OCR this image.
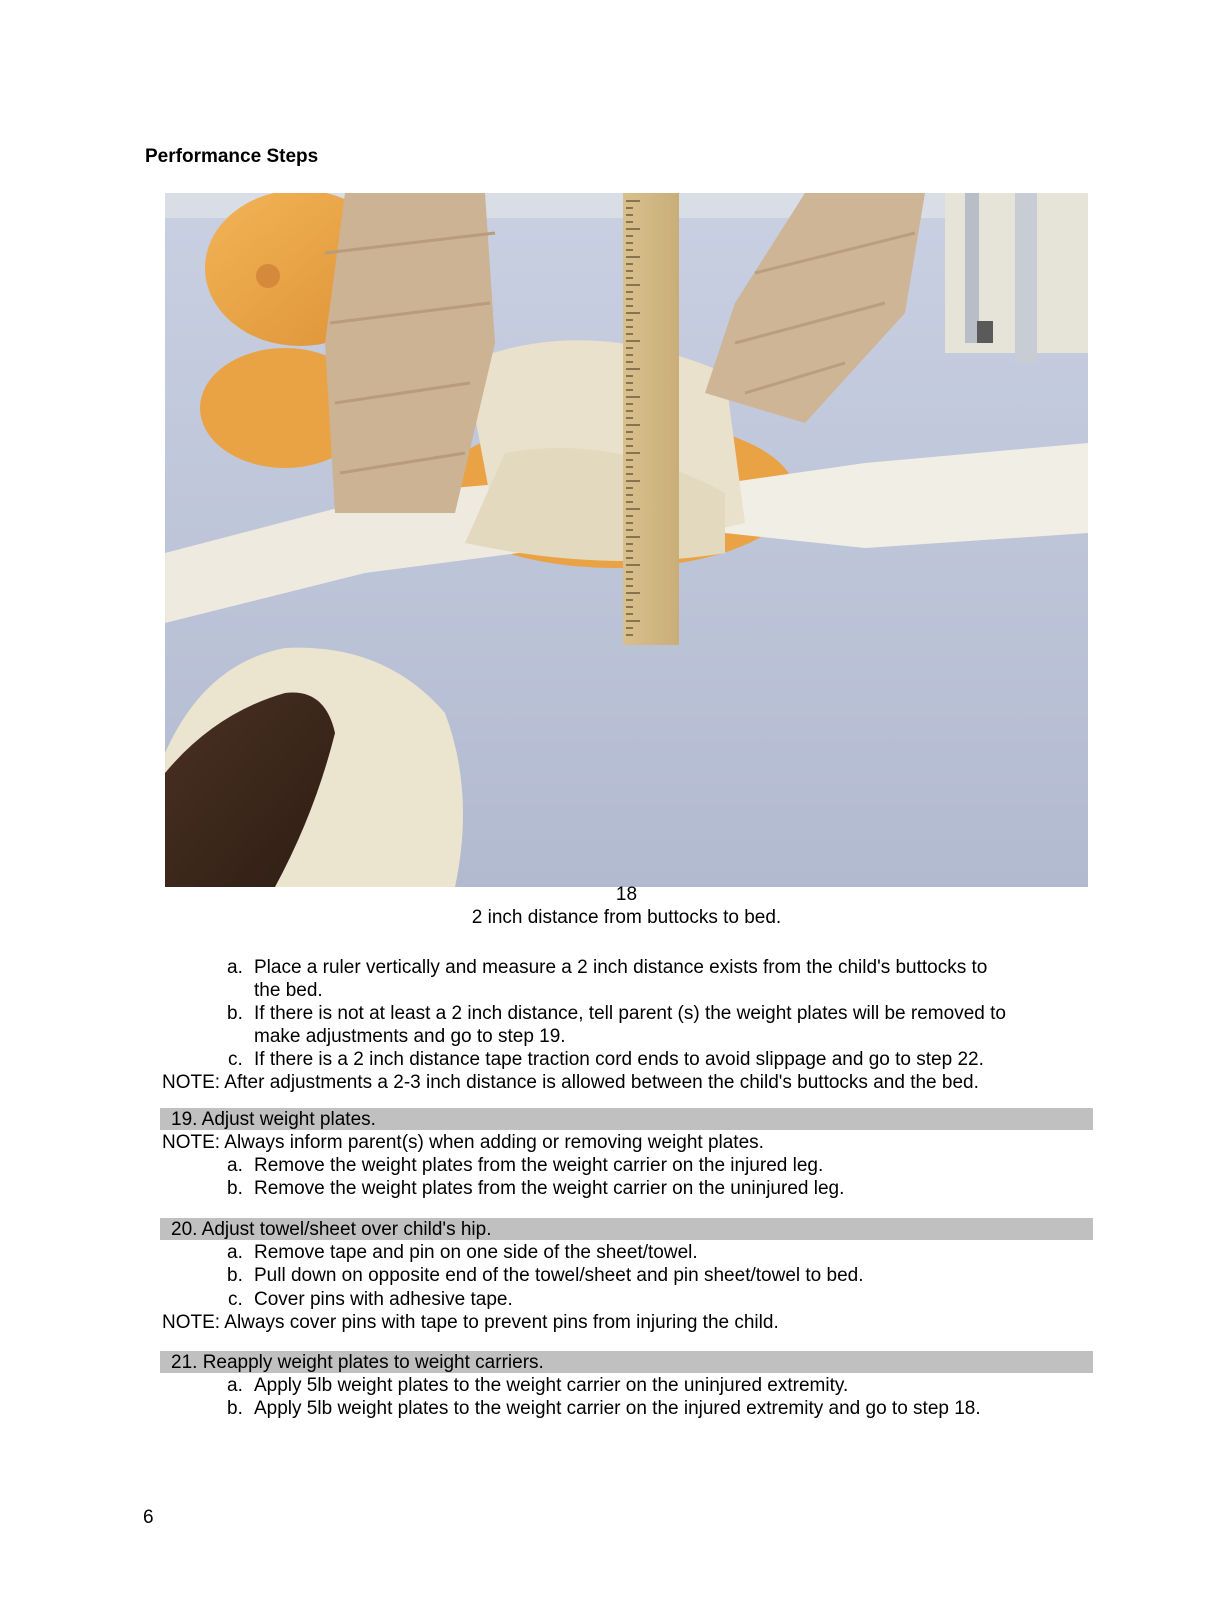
Performance Steps
18
2 inch distance from buttocks to bed.
a. Place a ruler vertically and measure a 2 inch distance exists from the child's buttocks to
the bed.
b. If there is not at least a 2 inch distance, tell parent (s) the weight plates will be removed to
make adjustments and go to step 19.
c. If there is a 2 inch distance tape traction cord ends to avoid slippage and go to step 22.
NOTE: After adjustments a 2-3 inch distance is allowed between the child's buttocks and the bed.
19. Adjust weight plates.
NOTE: Always inform parent(s) when adding or removing weight plates.
a. Remove the weight plates from the weight carrier on the injured leg.
b. Remove the weight plates from the weight carrier on the uninjured leg.
20. Adjust towel/sheet over child's hip.
a. Remove tape and pin on one side of the sheet/towel.
b. Pull down on opposite end of the towel/sheet and pin sheet/towel to bed.
c. Cover pins with adhesive tape.
NOTE: Always cover pins with tape to prevent pins from injuring the child.
21. Reapply weight plates to weight carriers.
a. Apply 5lb weight plates to the weight carrier on the uninjured extremity.
b. Apply 5lb weight plates to the weight carrier on the injured extremity and go to step 18.
6
